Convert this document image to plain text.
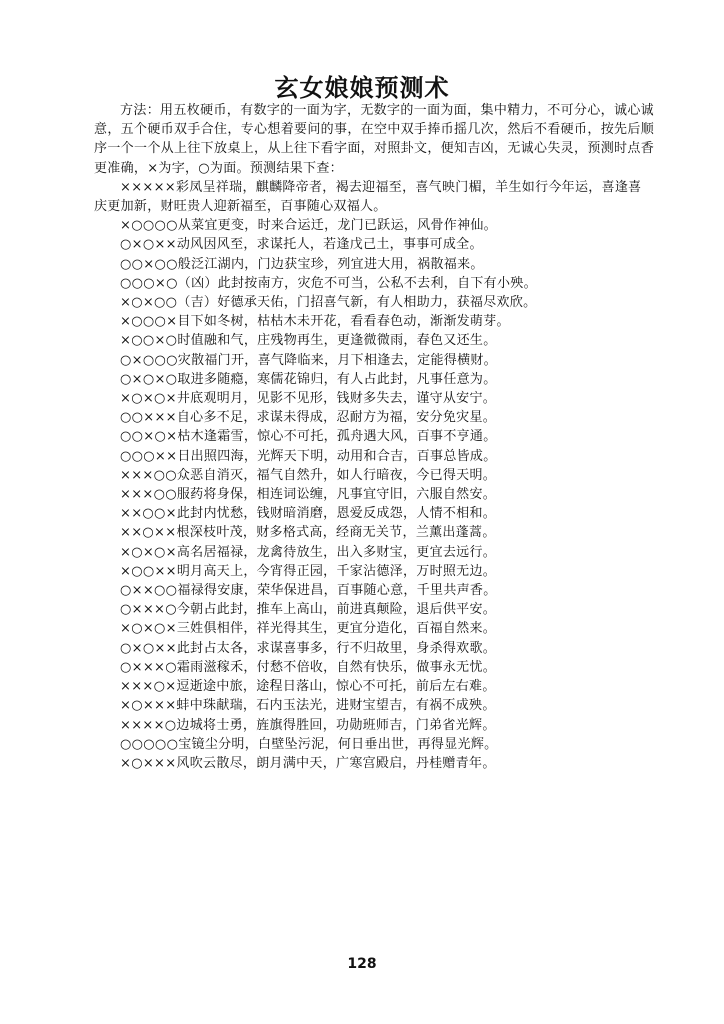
玄女娘娘预测术

方法：用五枚硬币，有数字的一面为字，无数字的一面为面，集中精力，不可分心，诚心诚意，五个硬币双手合住，专心想着要问的事，在空中双手捧币摇几次，然后不看硬币，按先后顺序一个一个从上往下放桌上，从上往下看字面，对照卦文，便知吉凶，无诚心失灵，预测时点香更准确，×为字，○为面。预测结果下查：

×××××彩凤呈祥瑞，麒麟降帝者，褐去迎福至，喜气映门楣，羊生如行今年运，喜逢喜庆更加新，财旺贵人迎新福至，百事随心双福人。
×○○○○从菜宜更变，时来合运迁，龙门已跃运，风骨作神仙。
○×○××动风因风至，求谋托人，若逢戊己土，事事可成全。
○○×○○般泛江湖内，门边获宝珍，列宜进大用，祸散福来。
○○○×○（凶）此封按南方，灾危不可当，公私不去利，自下有小殃。
×○×○○（吉）好德承天佑，门招喜气新，有人相助力，获福尽欢欣。
×○○○×目下如冬树，枯枯木未开花，看看春色动，渐渐发萌芽。
×○○×○时值融和气，庄残物再生，更逢微微雨，春色又还生。
○×○○○灾散福门开，喜气降临来，月下相逢去，定能得横财。
○×○×○取进多随瘾，寒儒花锦归，有人占此封，凡事任意为。
×○×○×井底观明月，见影不见形，钱财多失去，谨守从安宁。
○○×××自心多不足，求谋未得成，忍耐方为福，安分免灾星。
○○×○×枯木逢霜雪，惊心不可托，孤舟遇大风，百事不亨通。
○○○××日出照四海，光辉天下明，动用和合吉，百事总皆成。
×××○○众恶自消灭，福气自然升，如人行暗夜，今已得天明。
×××○○服药将身保，相连词讼缠，凡事宜守旧，六服自然安。
××○○×此封内忧愁，钱财暗消磨，恩爱反成怨，人情不相和。
××○××根深枝叶茂，财多格式高，经商无关节，兰薰出蓬蒿。
×○×○×高名居福禄，龙禽待放生，出入多财宝，更宜去远行。
×○○××明月高天上，今宵得正园，千家沾德泽，万时照无边。
○××○○福禄得安康，荣华保进昌，百事随心意，千里共声香。
○×××○今朝占此封，推车上高山，前进真颠险，退后供平安。
×○×○×三姓俱相伴，祥光得其生，更宜分造化，百福自然来。
○×○××此封占太各，求谋喜事多，行不归故里，身杀得欢歌。
○×××○霜雨滋稼禾，付愁不倍收，自然有快乐，做事永无忧。
×××○×逗逝途中旅，途程日落山，惊心不可托，前后左右难。
×○×××蚌中珠献瑞，石内玉法光，进财宝望吉，有祸不成殃。
××××○边城将士勇，旌旗得胜回，功勋班师吉，门弟省光辉。
○○○○○宝镜尘分明，白壁坠污泥，何日垂出世，再得显光辉。
×○×××风吹云散尽，朗月满中天，广寒宫殿启，丹桂赠青年。
128
